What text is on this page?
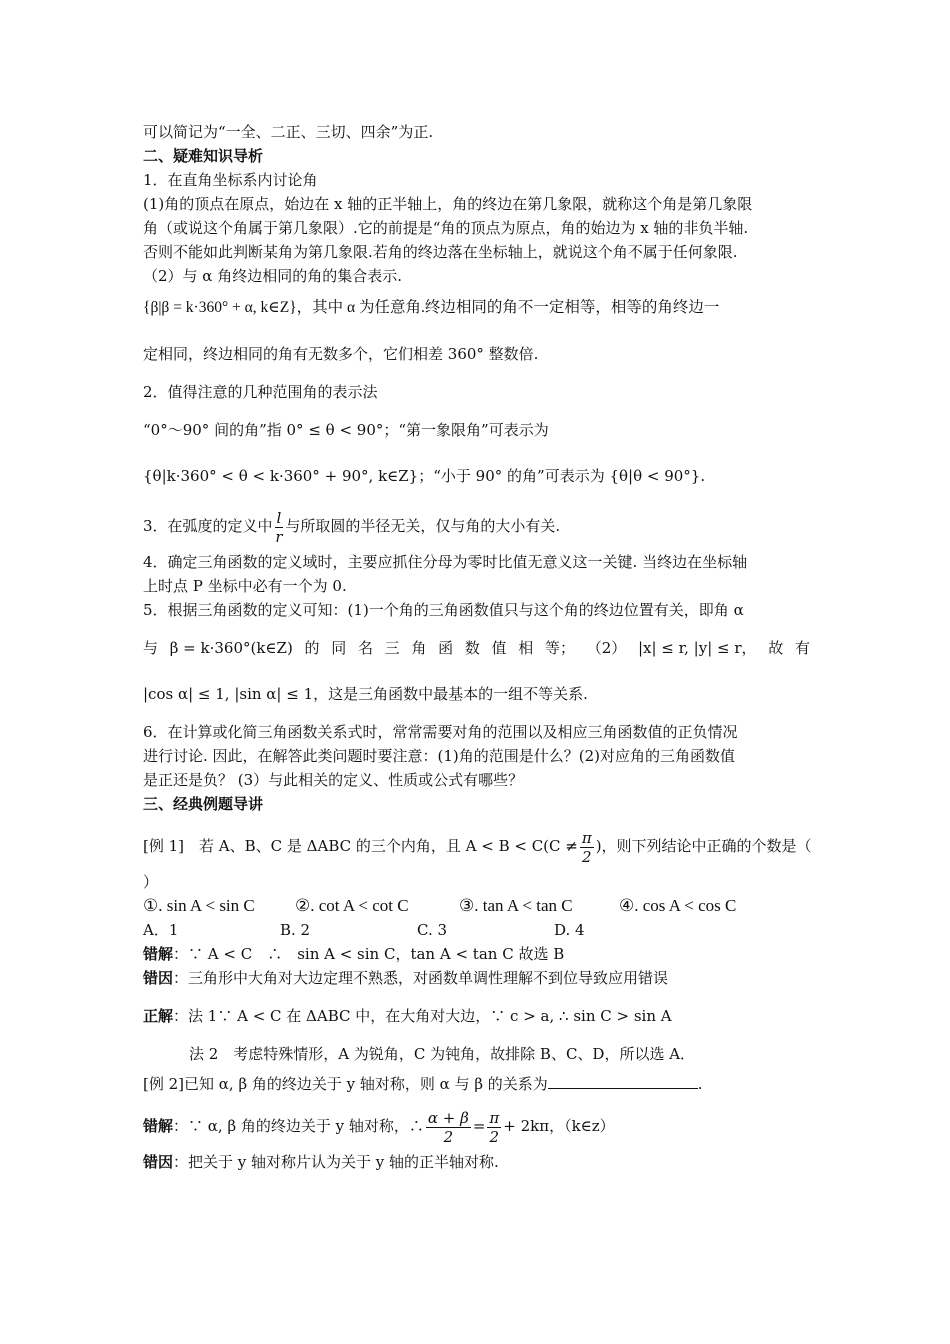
可以简记为“一全、二正、三切、四余”为正.
二、疑难知识导析
1．在直角坐标系内讨论角
(1)角的顶点在原点，始边在 x 轴的正半轴上，角的终边在第几象限，就称这个角是第几象限
角（或说这个角属于第几象限）.它的前提是“角的顶点为原点，角的始边为 x 轴的非负半轴.
否则不能如此判断某角为第几象限.若角的终边落在坐标轴上，就说这个角不属于任何象限.
（2）与 α 角终边相同的角的集合表示.
{β|β = k·360° + α, k∈Z}，其中 α 为任意角.终边相同的角不一定相等，相等的角终边一
定相同，终边相同的角有无数多个，它们相差 360° 整数倍.
2．值得注意的几种范围角的表示法
“0°～90° 间的角”指 0° ≤ θ < 90°；“第一象限角”可表示为
{θ|k·360° < θ < k·360° + 90°, k∈Z}；“小于 90° 的角”可表示为 {θ|θ < 90°}.
3．在弧度的定义中 $\frac{l}{r}$ 与所取圆的半径无关，仅与角的大小有关.
4．确定三角函数的定义域时，主要应抓住分母为零时比值无意义这一关键. 当终边在坐标轴
上时点 P 坐标中必有一个为 0.
5．根据三角函数的定义可知：(1)一个角的三角函数值只与这个角的终边位置有关，即角 α
与 β = k·360°(k∈Z) 的 同 名 三 角 函 数 值 相 等； （2） |x| ≤ r, |y| ≤ r， 故 有
|cos α| ≤ 1, |sin α| ≤ 1，这是三角函数中最基本的一组不等关系.
6．在计算或化简三角函数关系式时，常常需要对角的范围以及相应三角函数值的正负情况
进行讨论. 因此，在解答此类问题时要注意：(1)角的范围是什么？(2)对应角的三角函数值
是正还是负？ (3）与此相关的定义、性质或公式有哪些？
三、经典例题导讲
[例 1]　若 A、B、C 是 ΔABC 的三个内角，且 $A < B < C(C \ne \frac{\pi}{2}$ )，则下列结论中正确的个数是（
）
①. sin A < sin C ②. cot A < cot C	③. tan A < tan C	④. cos A < cos C
A．1	B. 2	C. 3	D. 4
错解：∵ A < C　∴　sin A < sin C，tan A < tan C 故选 B
错因：三角形中大角对大边定理不熟悉，对函数单调性理解不到位导致应用错误
正解：法 1∵ A < C 在 ΔABC 中，在大角对大边，∵ c > a, ∴ sin C > sin A
法 2　考虑特殊情形，A 为锐角，C 为钝角，故排除 B、C、D，所以选 A．
[例 2]已知 α, β 角的终边关于 y 轴对称，则 α 与 β 的关系为	.
错解：∵ α, β 角的终边关于 y 轴对称，∴ $\frac{\alpha + \beta}{2} = \frac{\pi}{2} + 2k\pi$，（k∈z）
错因：把关于 y 轴对称片认为关于 y 轴的正半轴对称.
